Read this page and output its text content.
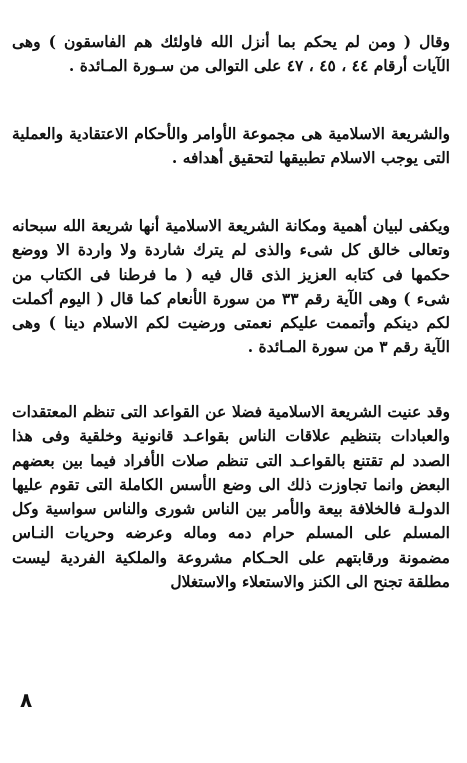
وقال ( ومن لم يحكم بما أنزل الله فاولئك هم الفاسقون ) وهى الآيات أرقام ٤٤ ، ٤٥ ، ٤٧ على التوالى من سـورة المـائدة .

والشريعة الاسلامية هى مجموعة الأوامر والأحكام الاعتقادية والعملية التى يوجب الاسلام تطبيقها لتحقيق أهدافه .

ويكفى لبيان أهمية ومكانة الشريعة الاسلامية أنها شريعة الله سبحانه وتعالى خالق كل شىء والذى لم يترك شاردة ولا واردة الا ووضع حكمها فى كتابه العزيز الذى قال فيه ( ما فرطنا فى الكتاب من شىء ) وهى الآية رقم ٣٣ من سورة الأنعام كما قال ( اليوم أكملت لكم دينكم وأتممت عليكم نعمتى ورضيت لكم الاسلام دينا ) وهى الآية رقم ٣ من سورة المـائدة .

وقد عنيت الشريعة الاسلامية فضلا عن القواعد التى تنظم المعتقدات والعبادات بتنظيم علاقات الناس بقواعـد قانونية وخلقية وفى هذا الصدد لم تقتنع بالقواعـد التى تنظم صلات الأفراد فيما بين بعضهم البعض وانما تجاوزت ذلك الى وضع الأسس الكاملة التى تقوم عليها الدولـة فالخلافة بيعة والأمر بين الناس شورى والناس سواسية وكل المسلم على المسلم حرام دمه وماله وعرضه وحريات النـاس مضمونة ورقابتهم على الحـكام مشروعة والملكية الفردية ليست مطلقة تجنح الى الكنز والاستعلاء والاستغلال

٨
